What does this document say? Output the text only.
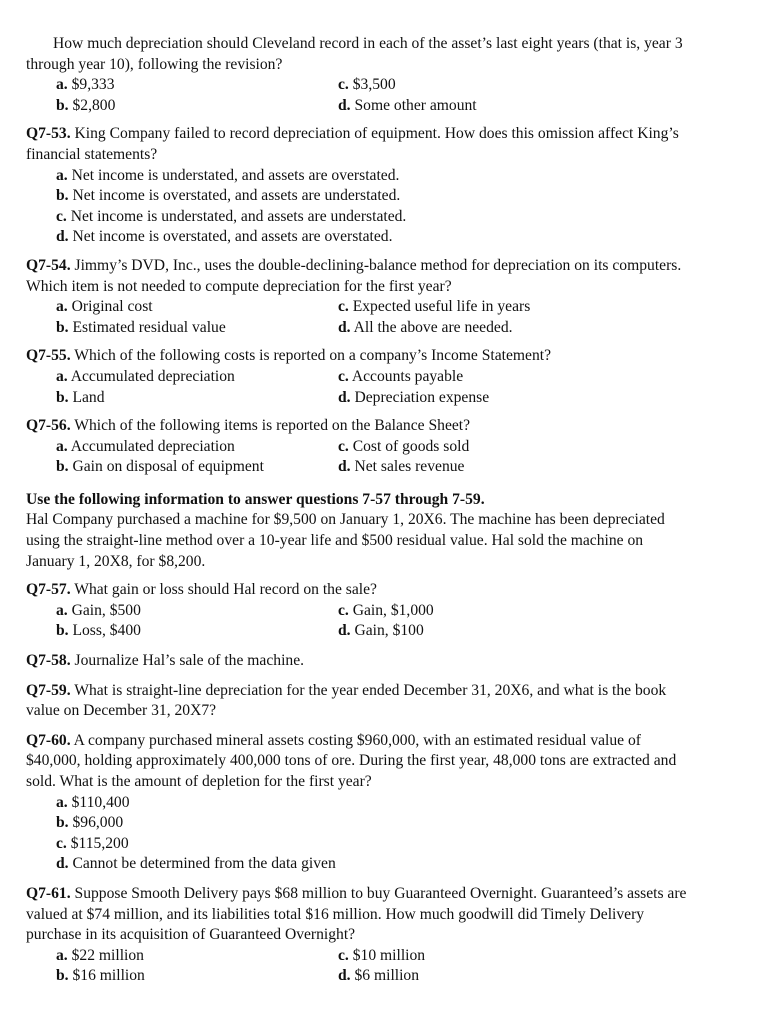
How much depreciation should Cleveland record in each of the asset’s last eight years (that is, year 3 through year 10), following the revision?

a. $9,333	c. $3,500
b. $2,800	d. Some other amount

Q7-53. King Company failed to record depreciation of equipment. How does this omission affect King’s financial statements?

a. Net income is understated, and assets are overstated.
b. Net income is overstated, and assets are understated.
c. Net income is understated, and assets are understated.
d. Net income is overstated, and assets are overstated.

Q7-54. Jimmy’s DVD, Inc., uses the double-declining-balance method for depreciation on its computers. Which item is not needed to compute depreciation for the first year?

a. Original cost	c. Expected useful life in years
b. Estimated residual value	d. All the above are needed.

Q7-55. Which of the following costs is reported on a company’s Income Statement?

a. Accumulated depreciation	c. Accounts payable
b. Land	d. Depreciation expense

Q7-56. Which of the following items is reported on the Balance Sheet?

a. Accumulated depreciation	c. Cost of goods sold
b. Gain on disposal of equipment	d. Net sales revenue

Use the following information to answer questions 7-57 through 7-59.

Hal Company purchased a machine for $9,500 on January 1, 20X6. The machine has been depreciated using the straight-line method over a 10-year life and $500 residual value. Hal sold the machine on January 1, 20X8, for $8,200.

Q7-57. What gain or loss should Hal record on the sale?

a. Gain, $500	c. Gain, $1,000
b. Loss, $400	d. Gain, $100

Q7-58. Journalize Hal’s sale of the machine.

Q7-59. What is straight-line depreciation for the year ended December 31, 20X6, and what is the book value on December 31, 20X7?

Q7-60. A company purchased mineral assets costing $960,000, with an estimated residual value of $40,000, holding approximately 400,000 tons of ore. During the first year, 48,000 tons are extracted and sold. What is the amount of depletion for the first year?

a. $110,400
b. $96,000
c. $115,200
d. Cannot be determined from the data given

Q7-61. Suppose Smooth Delivery pays $68 million to buy Guaranteed Overnight. Guaranteed’s assets are valued at $74 million, and its liabilities total $16 million. How much goodwill did Timely Delivery purchase in its acquisition of Guaranteed Overnight?

a. $22 million	c. $10 million
b. $16 million	d. $6 million
